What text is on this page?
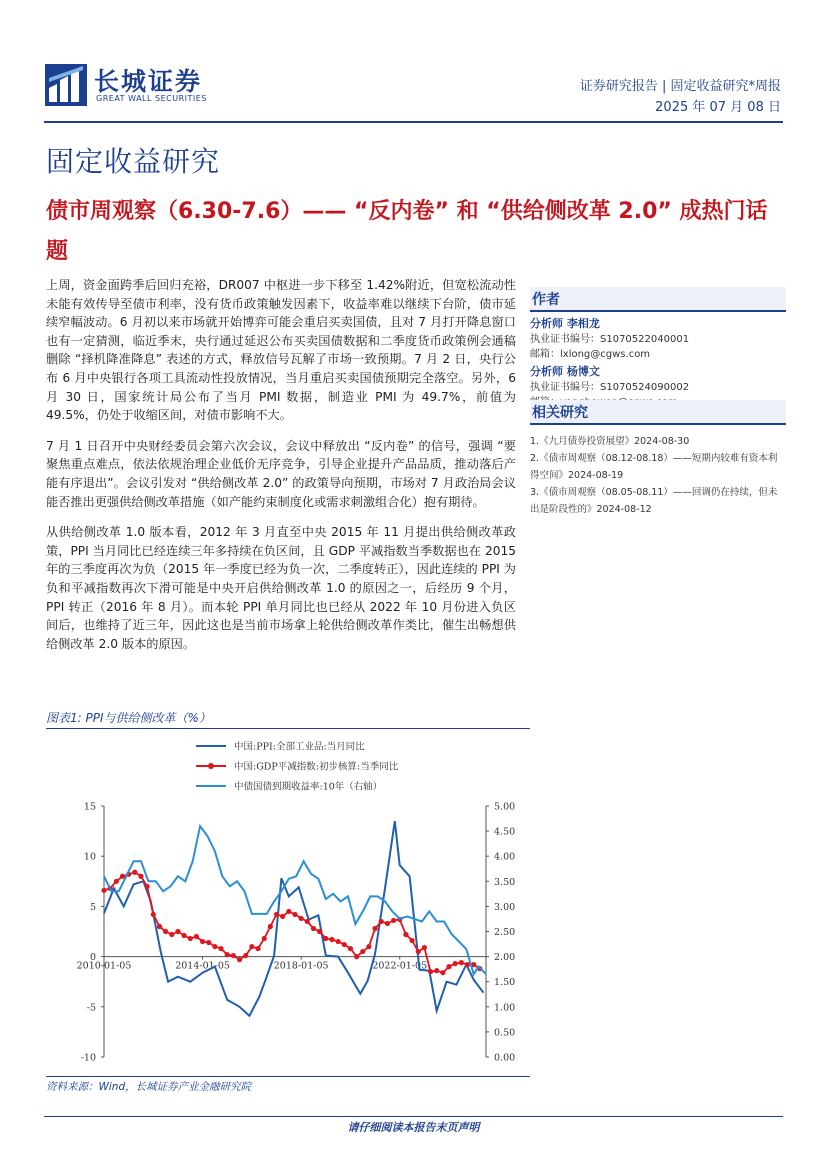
长城证券
GREAT WALL SECURITIES
证券研究报告 | 固定收益研究*周报
2025 年 07 月 08 日
固定收益研究
债市周观察（6.30-7.6）—— “反内卷” 和 “供给侧改革 2.0” 成热门话题

上周，资金面跨季后回归充裕，DR007 中枢进一步下移至 1.42%附近，但宽松流动性未能有效传导至债市利率，没有货币政策触发因素下，收益率难以继续下台阶，债市延续窄幅波动。6 月初以来市场就开始博弈可能会重启买卖国债，且对 7 月打开降息窗口也有一定猜测，临近季末，央行通过延迟公布买卖国债数据和二季度货币政策例会通稿删除 “择机降准降息” 表述的方式，释放信号瓦解了市场一致预期。7 月 2 日，央行公布 6 月中央银行各项工具流动性投放情况，当月重启买卖国债预期完全落空。另外，6 月 30 日，国家统计局公布了当月 PMI 数据，制造业 PMI 为 49.7%，前值为 49.5%，仍处于收缩区间，对债市影响不大。

7 月 1 日召开中央财经委员会第六次会议，会议中释放出 “反内卷” 的信号，强调 “要聚焦重点难点，依法依规治理企业低价无序竞争，引导企业提升产品品质，推动落后产能有序退出”。会议引发对 “供给侧改革 2.0” 的政策导向预期，市场对 7 月政治局会议能否推出更强供给侧改革措施（如产能约束制度化或需求刺激组合化）抱有期待。

从供给侧改革 1.0 版本看，2012 年 3 月直至中央 2015 年 11 月提出供给侧改革政策，PPI 当月同比已经连续三年多持续在负区间，且 GDP 平减指数当季数据也在 2015 年的三季度再次为负（2015 年一季度已经为负一次，二季度转正），因此连续的 PPI 为负和平减指数再次下滑可能是中央开启供给侧改革 1.0 的原因之一，后经历 9 个月，PPI 转正（2016 年 8 月）。而本轮 PPI 单月同比也已经从 2022 年 10 月份进入负区间后，也维持了近三年，因此这也是当前市场拿上轮供给侧改革作类比，催生出畅想供给侧改革 2.0 版本的原因。

作者
分析师 李相龙
执业证书编号：S1070522040001
邮箱：lxlong@cgws.com
分析师 杨博文
执业证书编号：S1070524090002
相关研究
1.《九月债券投资展望》2024-08-30
2.《债市周观察（08.12-08.18）——短期内较难有资本利得空间》2024-08-19
3.《债市周观察（08.05-08.11）——回调仍在持续，但未出是阶段性的》2024-08-12
图表1: PPI与供给侧改革（%）
中国:PPI:全部工业品:当月同比
中国:GDP平减指数:初步核算:当季同比
中债国债到期收益率:10年（右轴）
15
10
5
0
-5
-10
5.00
4.50
4.00
3.50
3.00
2.50
2.00
1.50
1.00
0.50
0.00
2010-01-05	2014-01-05	2018-01-05	2022-01-05
资料来源：Wind，长城证券产业金融研究院
请仔细阅读本报告末页声明
